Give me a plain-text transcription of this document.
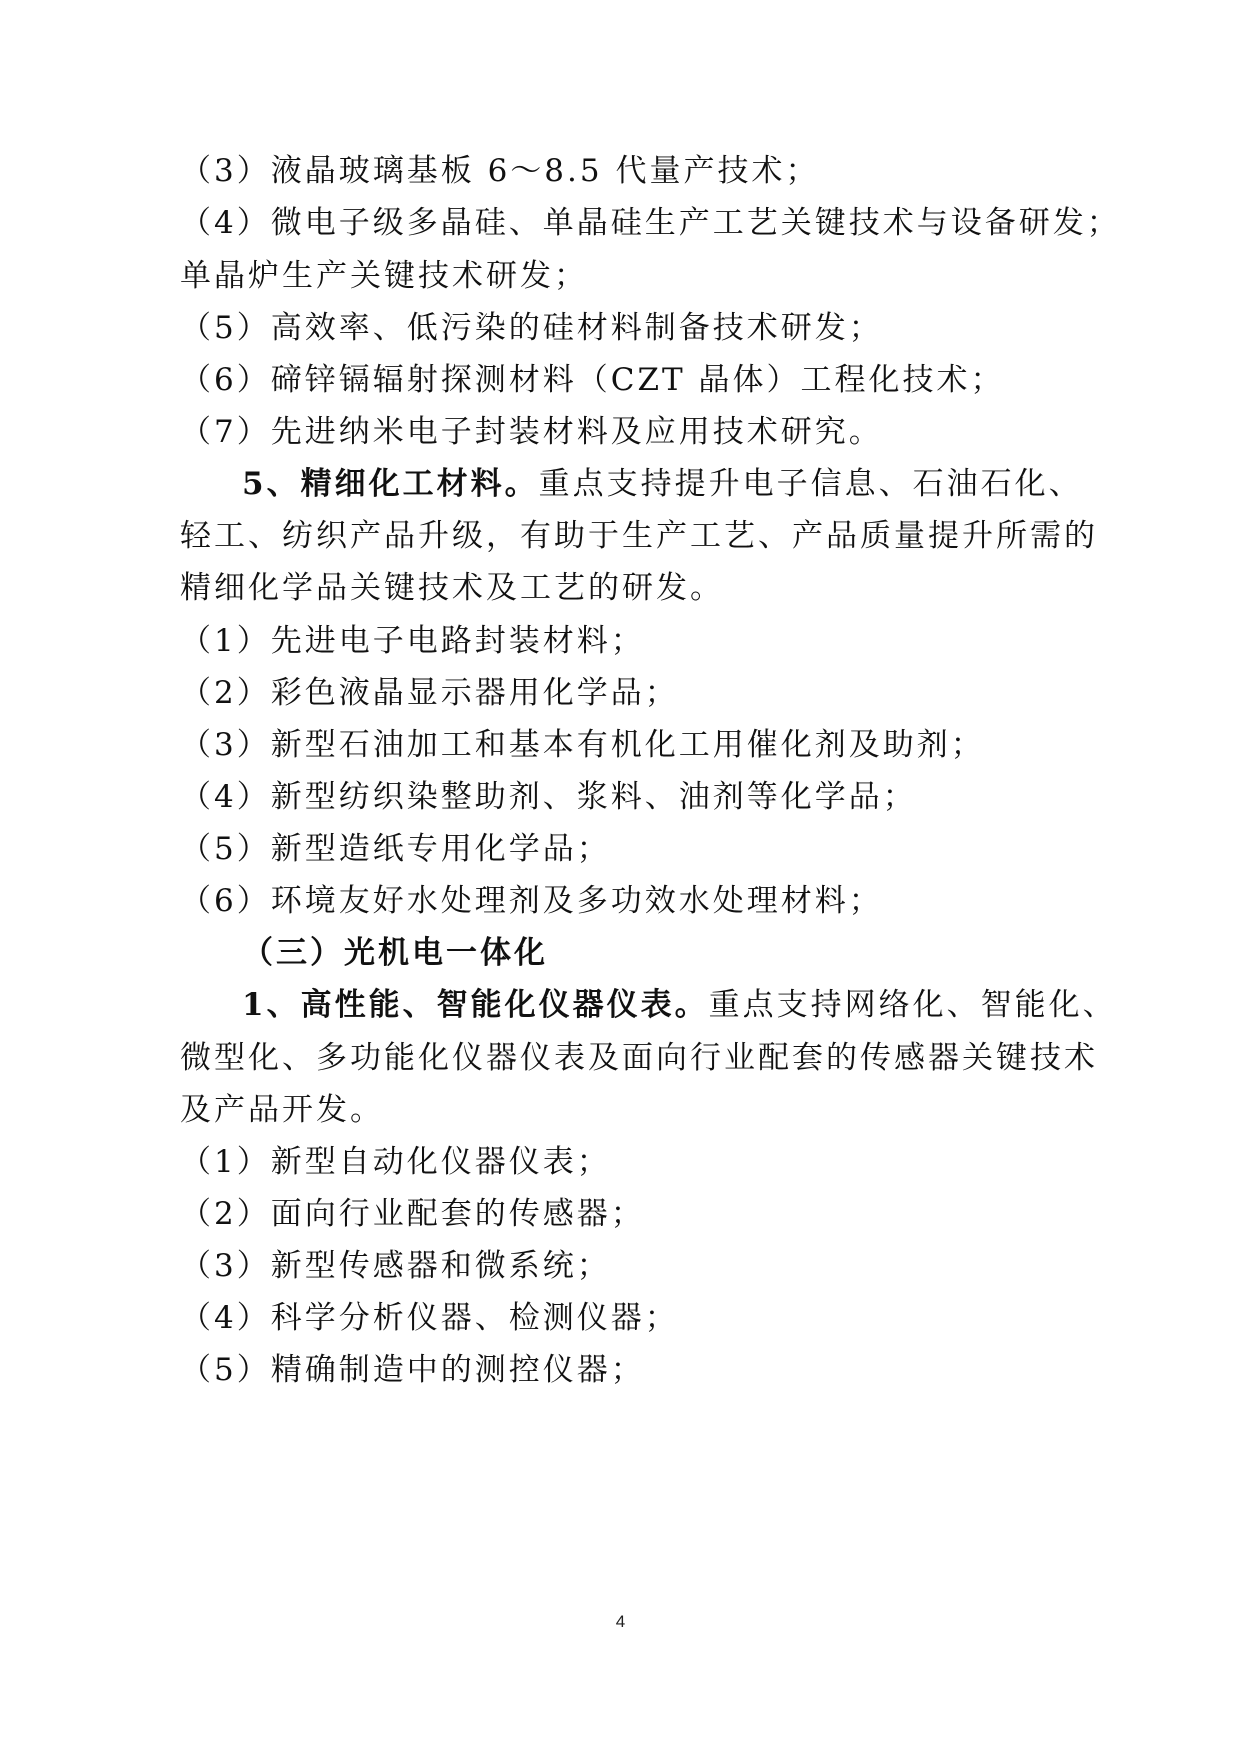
（3）液晶玻璃基板 6～8.5 代量产技术；
（4）微电子级多晶硅、单晶硅生产工艺关键技术与设备研发；
单晶炉生产关键技术研发；
（5）高效率、低污染的硅材料制备技术研发；
（6）碲锌镉辐射探测材料（CZT 晶体）工程化技术；
（7）先进纳米电子封装材料及应用技术研究。
5、精细化工材料。重点支持提升电子信息、石油石化、
轻工、纺织产品升级，有助于生产工艺、产品质量提升所需的
精细化学品关键技术及工艺的研发。
（1）先进电子电路封装材料；
（2）彩色液晶显示器用化学品；
（3）新型石油加工和基本有机化工用催化剂及助剂；
（4）新型纺织染整助剂、浆料、油剂等化学品；
（5）新型造纸专用化学品；
（6）环境友好水处理剂及多功效水处理材料；
（三）光机电一体化
1、高性能、智能化仪器仪表。重点支持网络化、智能化、
微型化、多功能化仪器仪表及面向行业配套的传感器关键技术
及产品开发。
（1）新型自动化仪器仪表；
（2）面向行业配套的传感器；
（3）新型传感器和微系统；
（4）科学分析仪器、检测仪器；
（5）精确制造中的测控仪器；
4
